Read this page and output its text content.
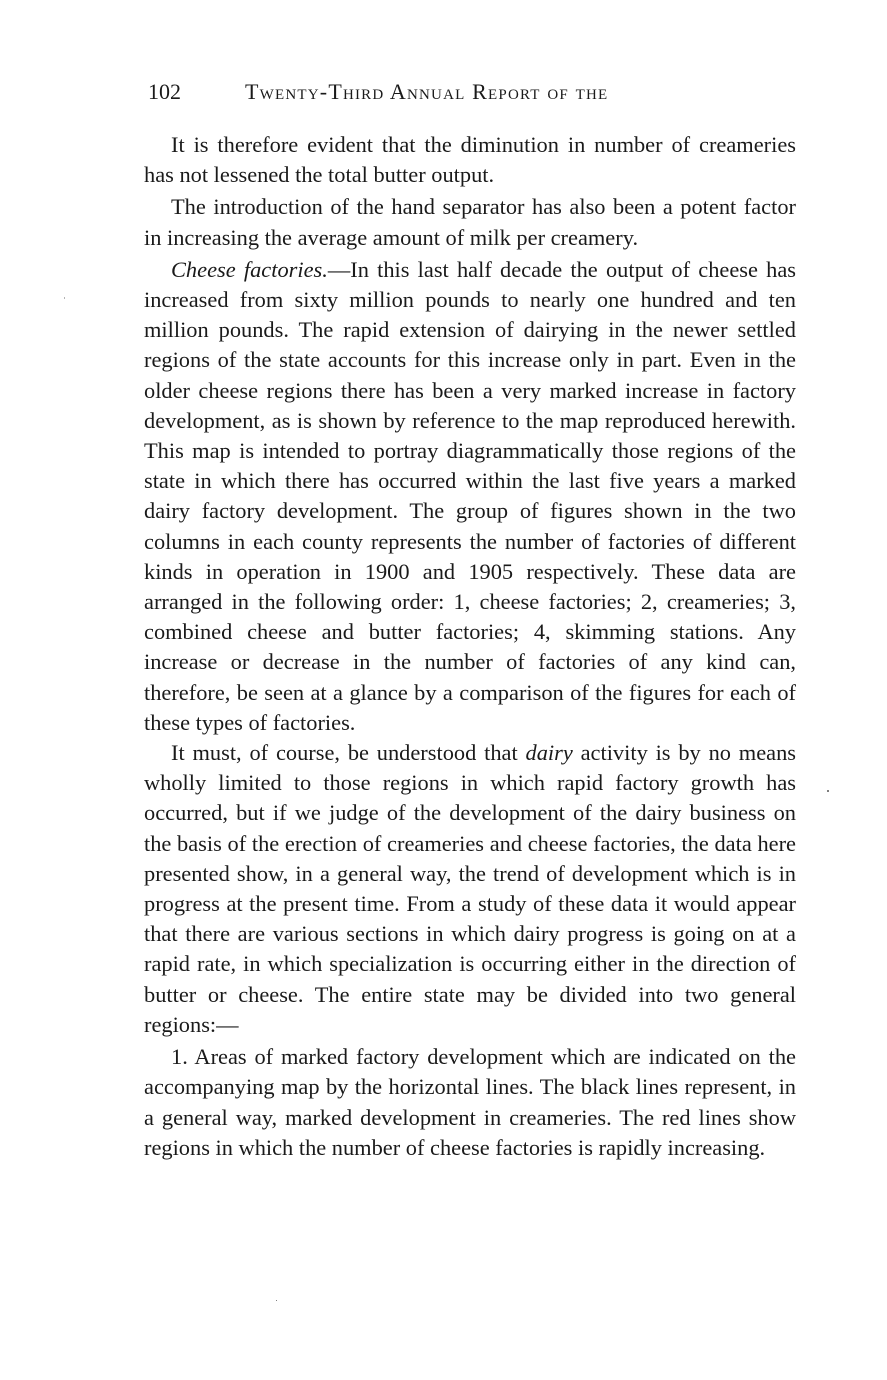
102	Twenty-Third Annual Report of the

It is therefore evident that the diminution in number of creameries has not lessened the total butter output.

The introduction of the hand separator has also been a potent factor in increasing the average amount of milk per creamery.

Cheese factories.—In this last half decade the output of cheese has increased from sixty million pounds to nearly one hundred and ten million pounds. The rapid extension of dairying in the newer settled regions of the state accounts for this increase only in part. Even in the older cheese regions there has been a very marked increase in factory development, as is shown by reference to the map reproduced herewith. This map is intended to portray diagrammatically those regions of the state in which there has occurred within the last five years a marked dairy factory development. The group of figures shown in the two columns in each county represents the number of factories of different kinds in operation in 1900 and 1905 respectively. These data are arranged in the following order: 1, cheese factories; 2, creameries; 3, combined cheese and butter factories; 4, skimming stations. Any increase or decrease in the number of factories of any kind can, therefore, be seen at a glance by a comparison of the figures for each of these types of factories.

It must, of course, be understood that dairy activity is by no means wholly limited to those regions in which rapid factory growth has occurred, but if we judge of the development of the dairy business on the basis of the erection of creameries and cheese factories, the data here presented show, in a general way, the trend of development which is in progress at the present time. From a study of these data it would appear that there are various sections in which dairy progress is going on at a rapid rate, in which specialization is occurring either in the direction of butter or cheese. The entire state may be divided into two general regions:—

1. Areas of marked factory development which are indicated on the accompanying map by the horizontal lines. The black lines represent, in a general way, marked development in creameries. The red lines show regions in which the number of cheese factories is rapidly increasing.
